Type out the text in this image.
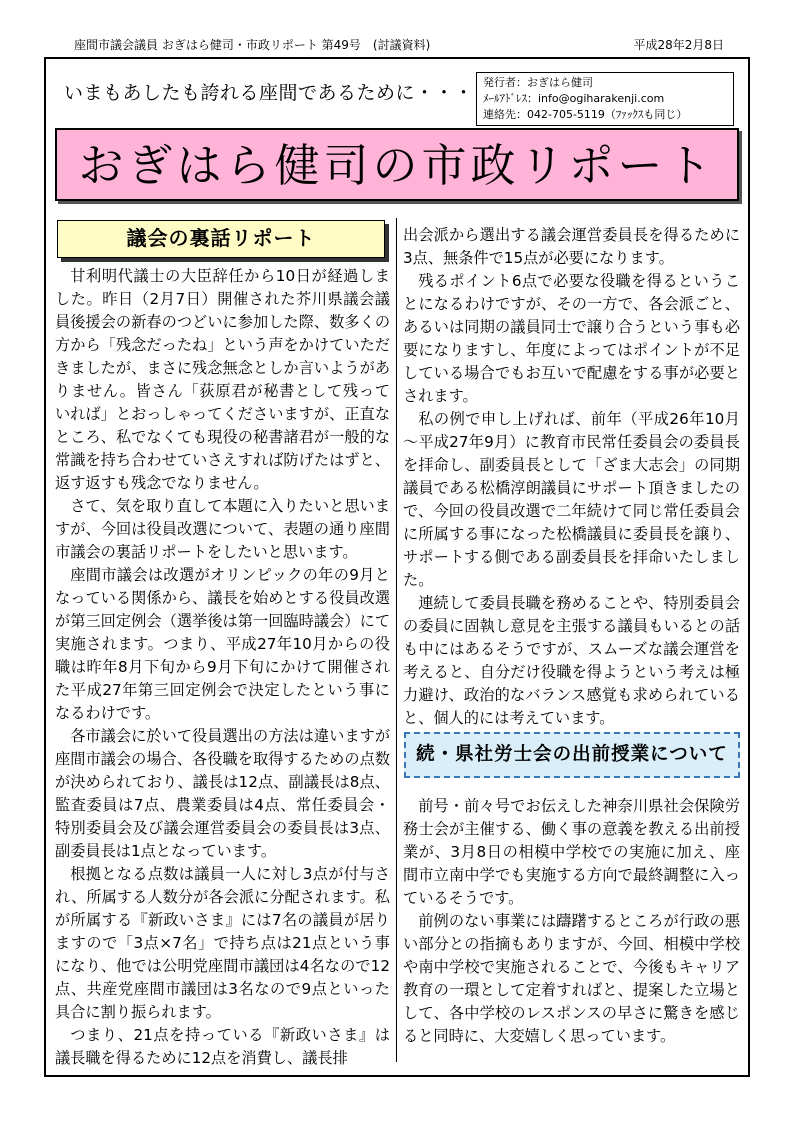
座間市議会議員 おぎはら健司・市政リポート 第49号　(討議資料)	平成28年2月8日
いまもあしたも誇れる座間であるために・・・ 発行者：おぎはら健司
ﾒｰﾙｱﾄﾞﾚｽ：info@ogiharakenji.com
連絡先：042-705-5119（ﾌｧｯｸｽも同じ）
おぎはら健司の市政リポート
議会の裏話リポート

甘利明代議士の大臣辞任から10日が経過しました。昨日（2月7日）開催された芥川県議会議員後援会の新春のつどいに参加した際、数多くの方から「残念だったね」という声をかけていただきましたが、まさに残念無念としか言いようがありません。皆さん「荻原君が秘書として残っていれば」とおっしゃってくださいますが、正直なところ、私でなくても現役の秘書諸君が一般的な常識を持ち合わせていさえすれば防げたはずと、返す返すも残念でなりません。

さて、気を取り直して本題に入りたいと思いますが、今回は役員改選について、表題の通り座間市議会の裏話リポートをしたいと思います。

座間市議会は改選がオリンピックの年の9月となっている関係から、議長を始めとする役員改選が第三回定例会（選挙後は第一回臨時議会）にて実施されます。つまり、平成27年10月からの役職は昨年8月下旬から9月下旬にかけて開催された平成27年第三回定例会で決定したという事になるわけです。

各市議会に於いて役員選出の方法は違いますが座間市議会の場合、各役職を取得するための点数が決められており、議長は12点、副議長は8点、監査委員は7点、農業委員は4点、常任委員会・特別委員会及び議会運営委員会の委員長は3点、副委員長は1点となっています。

根拠となる点数は議員一人に対し3点が付与され、所属する人数分が各会派に分配されます。私が所属する『新政いさま』には7名の議員が居りますので「3点×7名」で持ち点は21点という事になり、他では公明党座間市議団は4名なので12点、共産党座間市議団は3名なので9点といった具合に割り振られます。

つまり、21点を持っている『新政いさま』は議長職を得るために12点を消費し、議長排

出会派から選出する議会運営委員長を得るために3点、無条件で15点が必要になります。

残るポイント6点で必要な役職を得るということになるわけですが、その一方で、各会派ごと、あるいは同期の議員同士で譲り合うという事も必要になりますし、年度によってはポイントが不足している場合でもお互いで配慮をする事が必要とされます。

私の例で申し上げれば、前年（平成26年10月～平成27年9月）に教育市民常任委員会の委員長を拝命し、副委員長として「ざま大志会」の同期議員である松橋淳朗議員にサポート頂きましたので、今回の役員改選で二年続けて同じ常任委員会に所属する事になった松橋議員に委員長を譲り、サポートする側である副委員長を拝命いたしました。

連続して委員長職を務めることや、特別委員会の委員に固執し意見を主張する議員もいるとの話も中にはあるそうですが、スムーズな議会運営を考えると、自分だけ役職を得ようという考えは極力避け、政治的なバランス感覚も求められていると、個人的には考えています。

続・県社労士会の出前授業について

前号・前々号でお伝えした神奈川県社会保険労務士会が主催する、働く事の意義を教える出前授業が、3月8日の相模中学校での実施に加え、座間市立南中学でも実施する方向で最終調整に入っているそうです。

前例のない事業には躊躇するところが行政の悪い部分との指摘もありますが、今回、相模中学校や南中学校で実施されることで、今後もキャリア教育の一環として定着すればと、提案した立場として、各中学校のレスポンスの早さに驚きを感じると同時に、大変嬉しく思っています。
